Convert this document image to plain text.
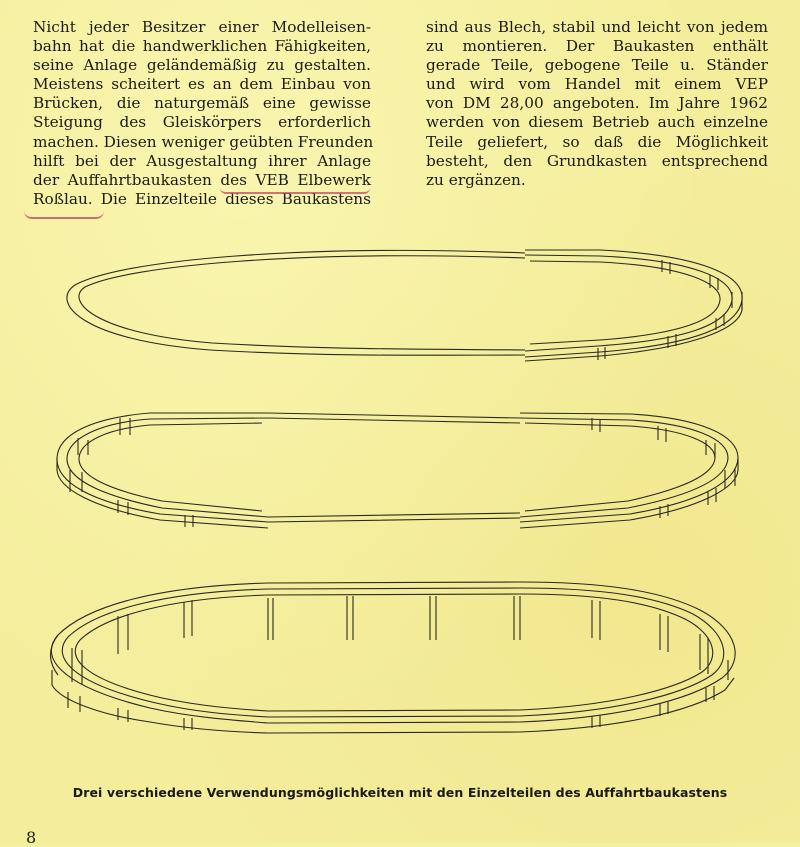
Nicht jeder Besitzer einer Modelleisen-
bahn hat die handwerklichen Fähigkeiten,
seine Anlage geländemäßig zu gestalten.
Meistens scheitert es an dem Einbau von
Brücken, die naturgemäß eine gewisse
Steigung des Gleiskörpers erforderlich
machen. Diesen weniger geübten Freunden
hilft bei der Ausgestaltung ihrer Anlage
der Auffahrtbaukasten des VEB Elbewerk
Roßlau. Die Einzelteile dieses Baukastens
sind aus Blech, stabil und leicht von jedem
zu montieren. Der Baukasten enthält
gerade Teile, gebogene Teile u. Ständer
und wird vom Handel mit einem VEP
von DM 28,00 angeboten. Im Jahre 1962
werden von diesem Betrieb auch einzelne
Teile geliefert, so daß die Möglichkeit
besteht, den Grundkasten entsprechend
zu ergänzen.
Drei verschiedene Verwendungsmöglichkeiten mit den Einzelteilen des Auffahrtbaukastens
8
